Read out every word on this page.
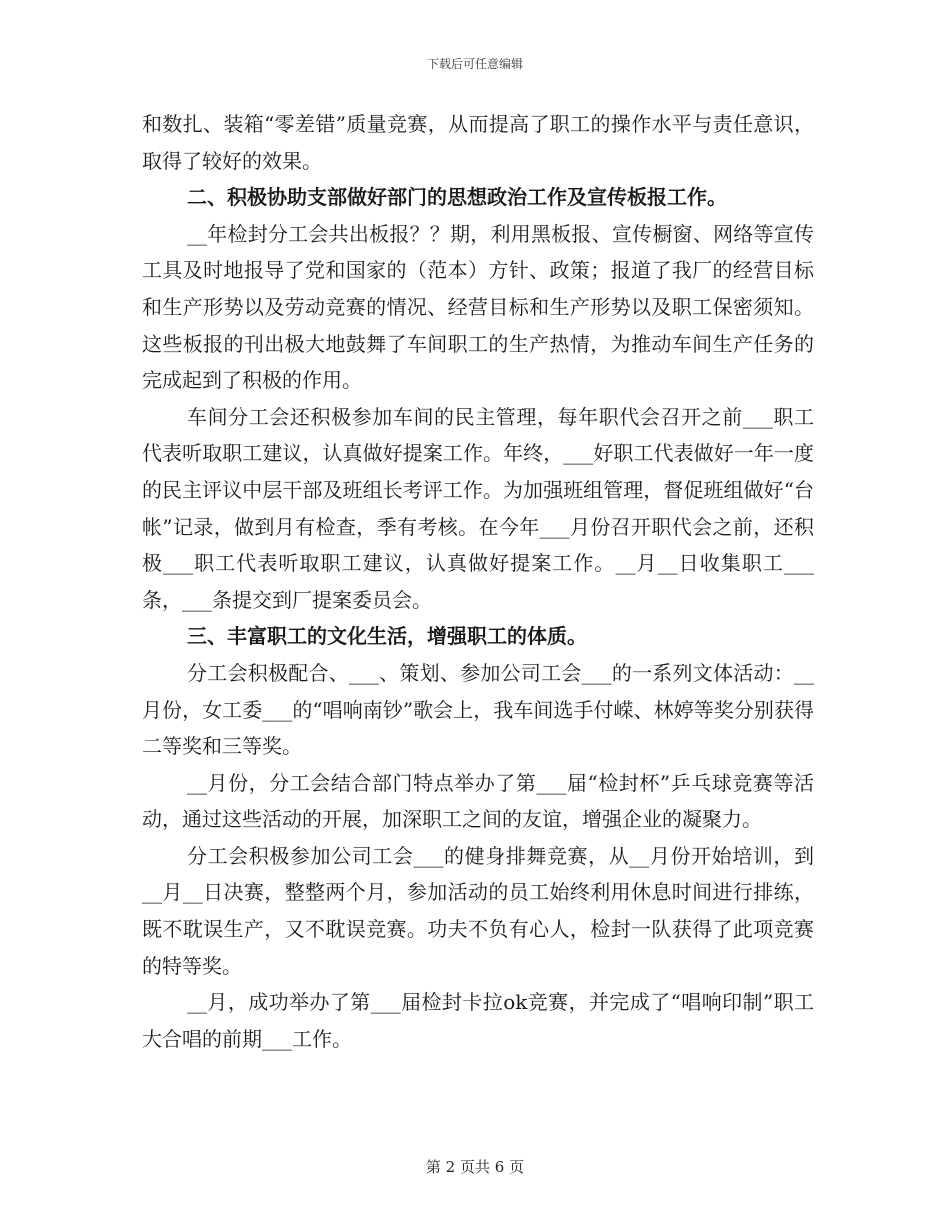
下载后可任意编辑

和数扎、装箱“零差错”质量竞赛，从而提高了职工的操作水平与责任意识，取得了较好的效果。

二、积极协助支部做好部门的思想政治工作及宣传板报工作。

__年检封分工会共出板报？？期，利用黑板报、宣传橱窗、网络等宣传工具及时地报导了党和国家的（范本）方针、政策；报道了我厂的经营目标和生产形势以及劳动竞赛的情况、经营目标和生产形势以及职工保密须知。这些板报的刊出极大地鼓舞了车间职工的生产热情，为推动车间生产任务的完成起到了积极的作用。

车间分工会还积极参加车间的民主管理，每年职代会召开之前___职工代表听取职工建议，认真做好提案工作。年终，___好职工代表做好一年一度的民主评议中层干部及班组长考评工作。为加强班组管理，督促班组做好“台帐”记录，做到月有检查，季有考核。在今年___月份召开职代会之前，还积极___职工代表听取职工建议，认真做好提案工作。__月__日收集职工___条，___条提交到厂提案委员会。

三、丰富职工的文化生活，增强职工的体质。

分工会积极配合、___、策划、参加公司工会___的一系列文体活动：__月份，女工委___的“唱响南钞”歌会上，我车间选手付嵘、林婷等奖分别获得二等奖和三等奖。

__月份，分工会结合部门特点举办了第___届“检封杯”乒乓球竞赛等活动，通过这些活动的开展，加深职工之间的友谊，增强企业的凝聚力。

分工会积极参加公司工会___的健身排舞竞赛，从__月份开始培训，到__月__日决赛，整整两个月，参加活动的员工始终利用休息时间进行排练，既不耽误生产，又不耽误竞赛。功夫不负有心人，检封一队获得了此项竞赛的特等奖。

__月，成功举办了第___届检封卡拉ok竞赛，并完成了“唱响印制”职工大合唱的前期___工作。

第 2 页共 6 页
